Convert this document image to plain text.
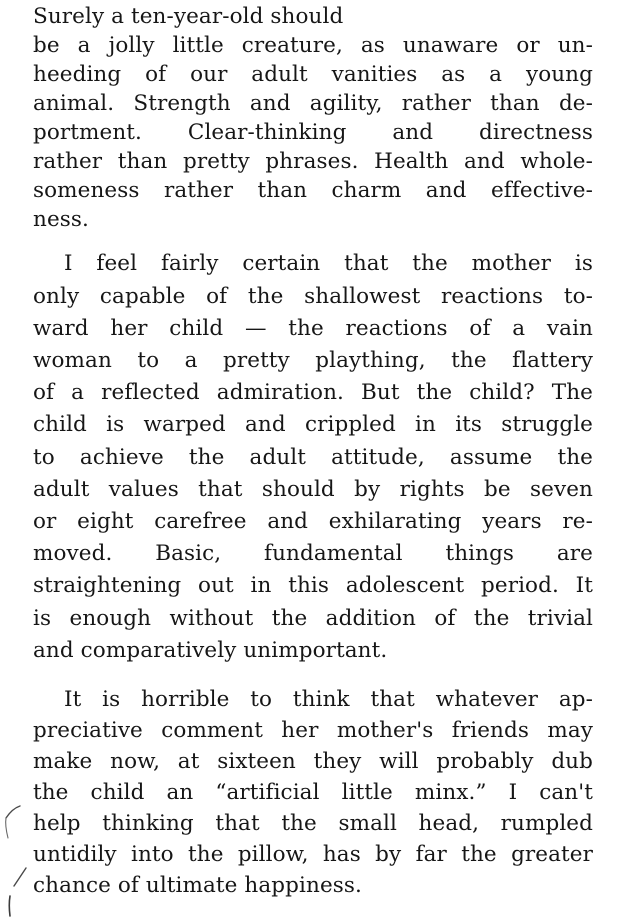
Surely a ten-year-old should
be a jolly little creature, as unaware or un-
heeding of our adult vanities as a young
animal. Strength and agility, rather than de-
portment. Clear-thinking and directness
rather than pretty phrases. Health and whole-
someness rather than charm and effective-
ness.
I feel fairly certain that the mother is
only capable of the shallowest reactions to-
ward her child — the reactions of a vain
woman to a pretty plaything, the flattery
of a reflected admiration. But the child? The
child is warped and crippled in its struggle
to achieve the adult attitude, assume the
adult values that should by rights be seven
or eight carefree and exhilarating years re-
moved. Basic, fundamental things are
straightening out in this adolescent period. It
is enough without the addition of the trivial
and comparatively unimportant.
It is horrible to think that whatever ap-
preciative comment her mother's friends may
make now, at sixteen they will probably dub
the child an “artificial little minx.” I can't
help thinking that the small head, rumpled
untidily into the pillow, has by far the greater
chance of ultimate happiness.
